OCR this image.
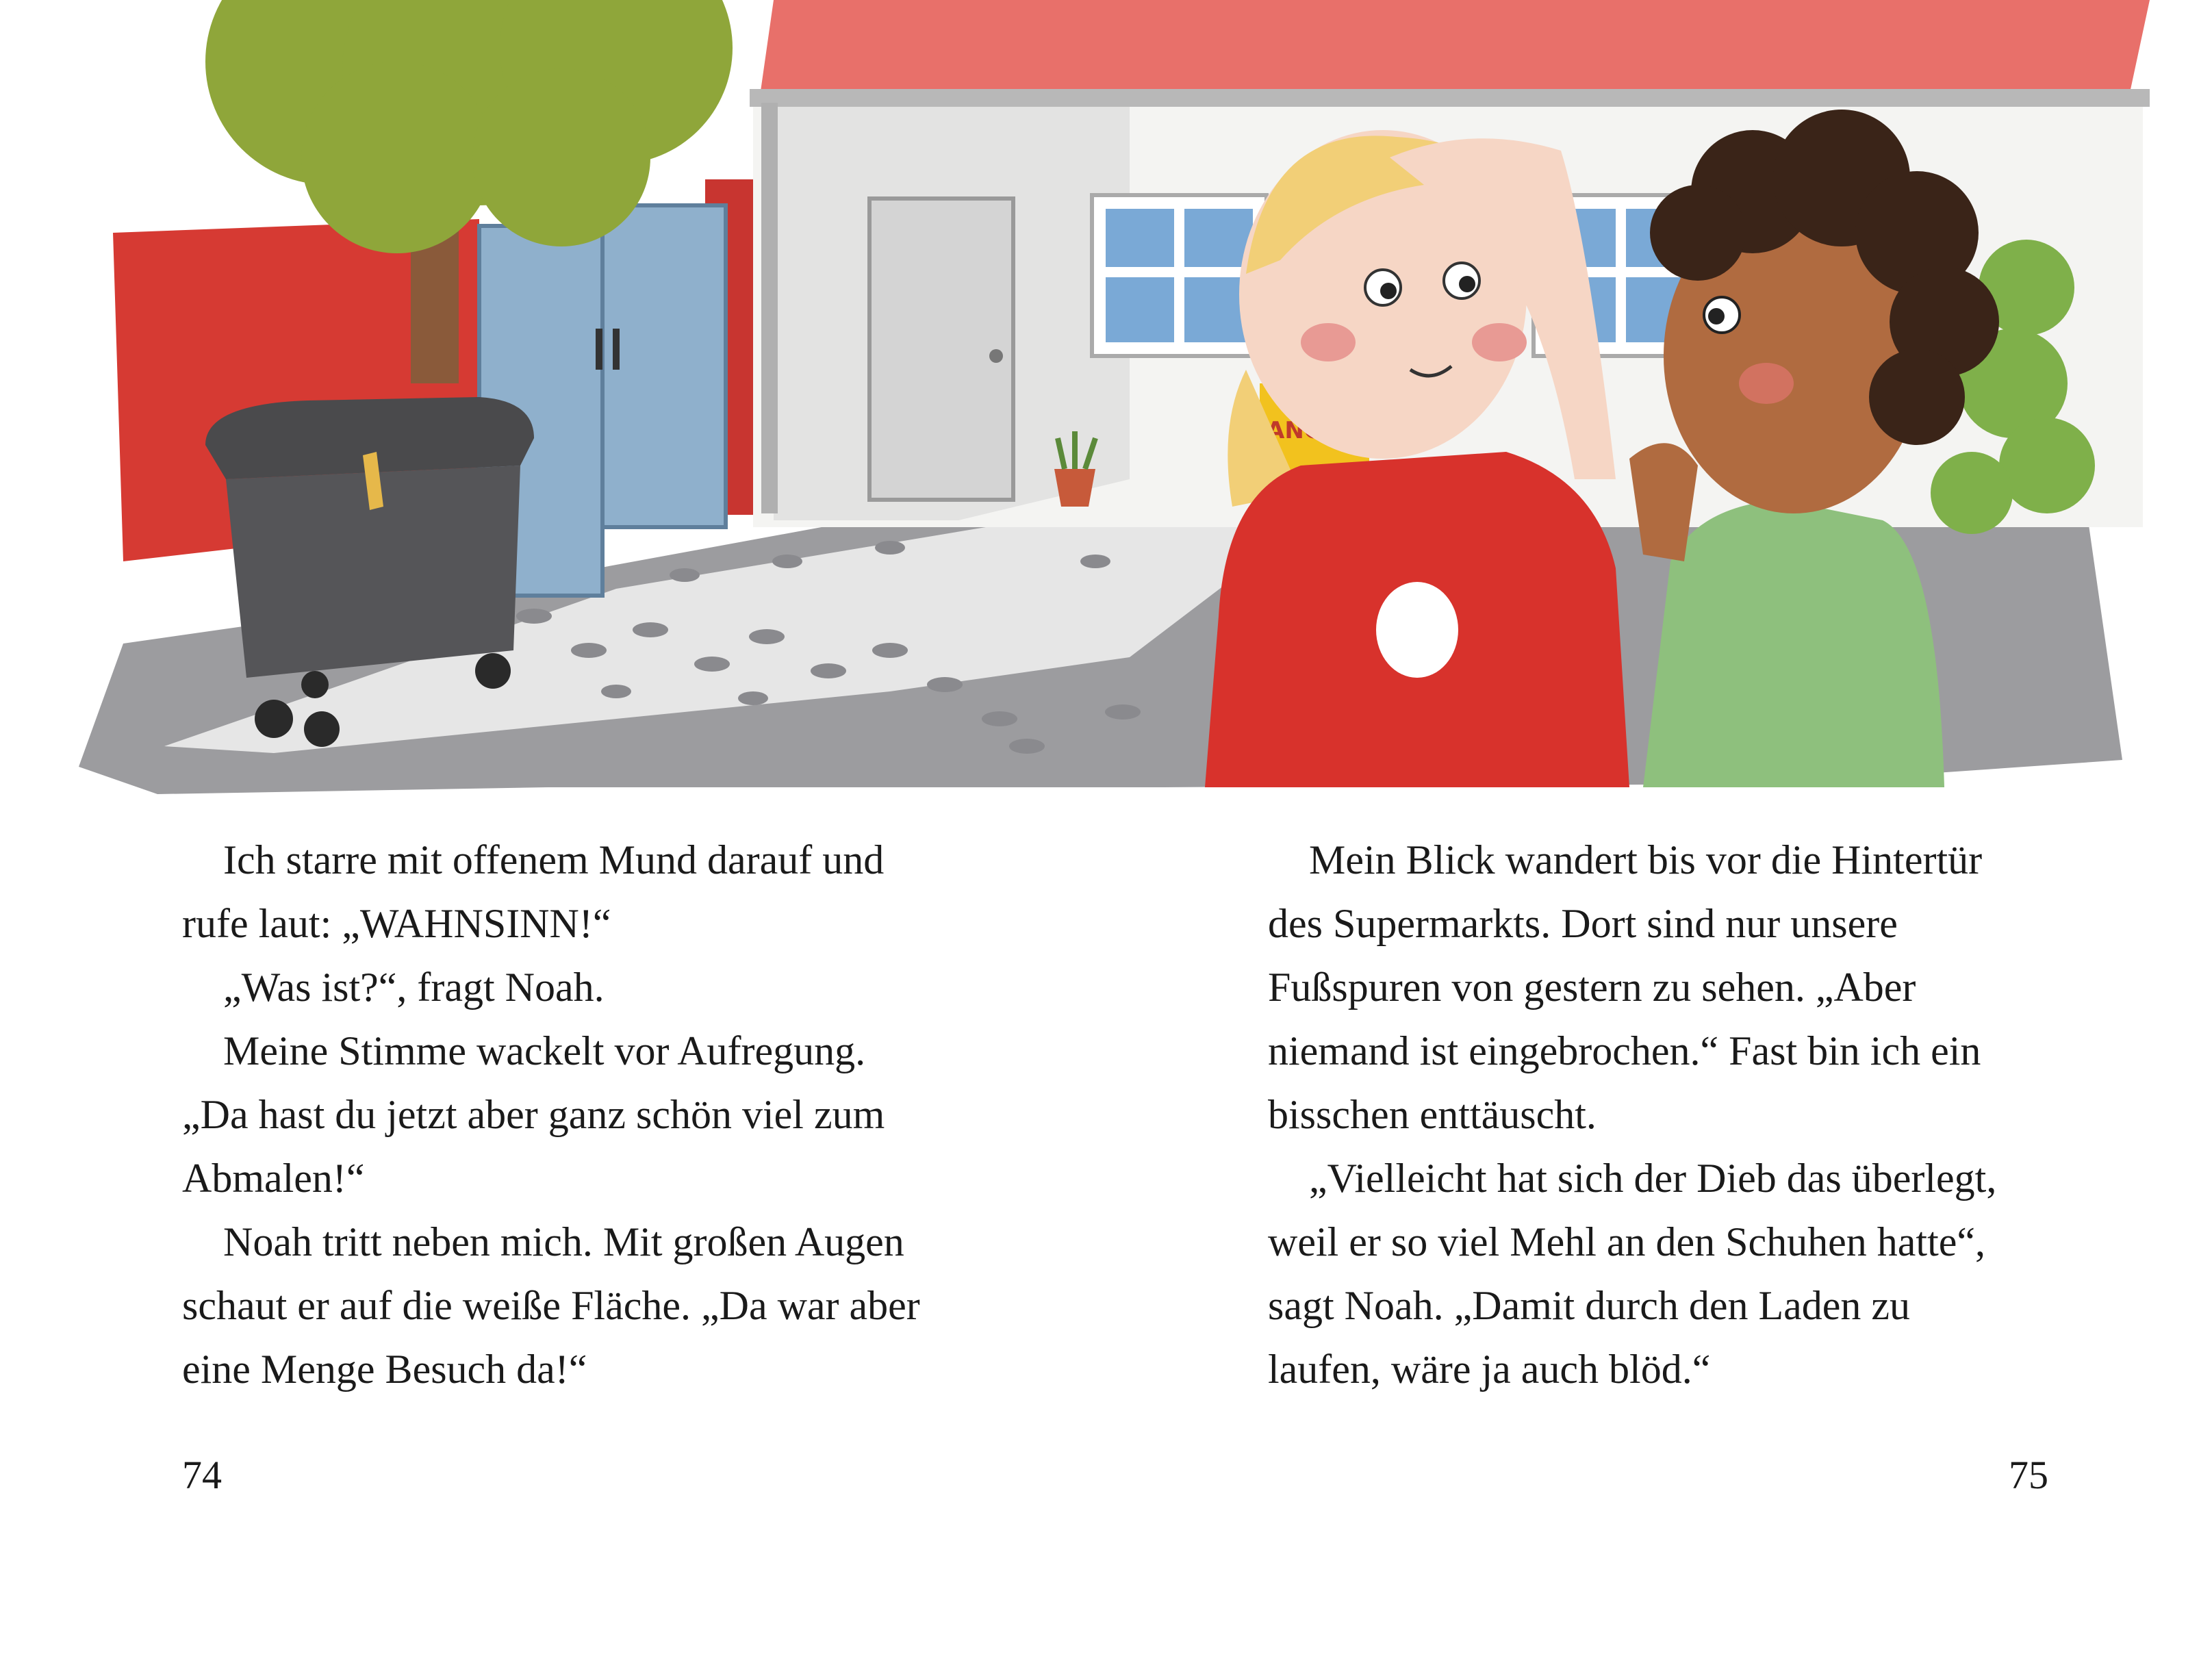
Ich starre mit offenem Mund darauf und

rufe laut: „WAHNSINN!“

„Was ist?“, fragt Noah.

Meine Stimme wackelt vor Aufregung.

„Da hast du jetzt aber ganz schön viel zum

Abmalen!“

Noah tritt neben mich. Mit großen Augen

schaut er auf die weiße Fläche. „Da war aber

eine Menge Besuch da!“

Mein Blick wandert bis vor die Hintertür

des Supermarkts. Dort sind nur unsere

Fußspuren von gestern zu sehen. „Aber

niemand ist eingebrochen.“ Fast bin ich ein

bisschen enttäuscht.

„Vielleicht hat sich der Dieb das überlegt,

weil er so viel Mehl an den Schuhen hatte“,

sagt Noah. „Damit durch den Laden zu

laufen, wäre ja auch blöd.“

74	75
